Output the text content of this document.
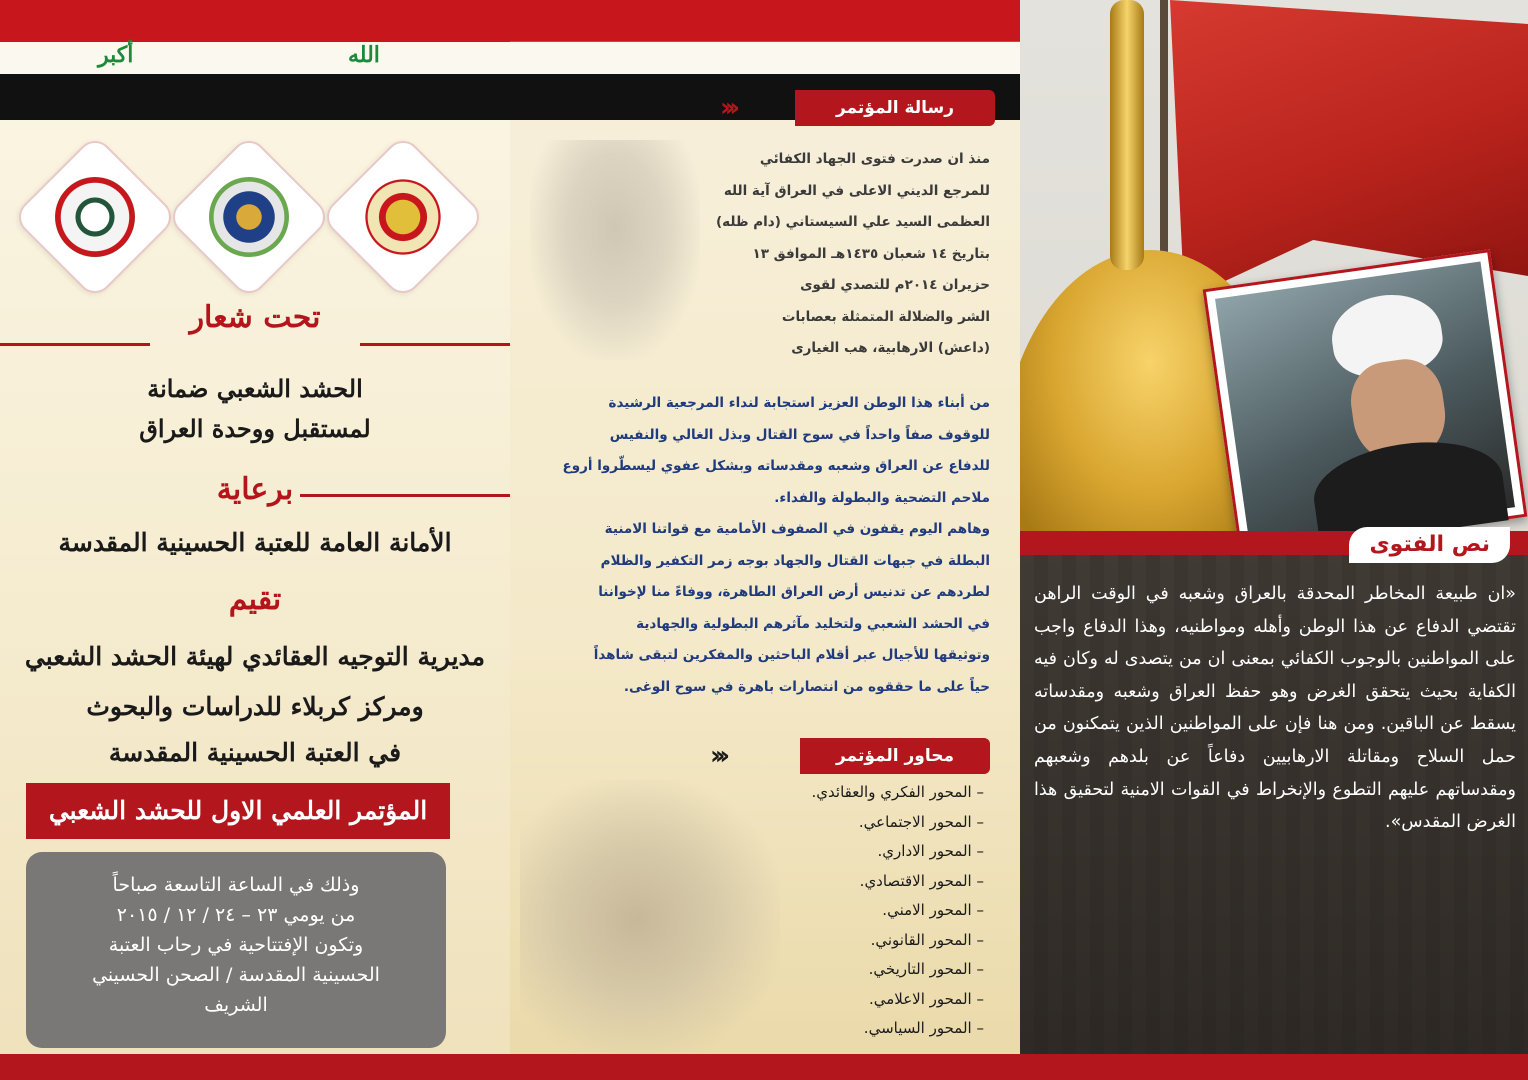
أكبر	الله
تحت شعار
الحشد الشعبي ضمانة
لمستقبل ووحدة العراق
برعاية
الأمانة العامة للعتبة الحسينية المقدسة
تقيم
مديرية التوجيه العقائدي لهيئة الحشد الشعبي
ومركز كربلاء للدراسات والبحوث
في العتبة الحسينية المقدسة
المؤتمر العلمي الاول للحشد الشعبي
وذلك في الساعة التاسعة صباحاً
من يومي ٢٣ – ٢٤ / ١٢ / ٢٠١٥
وتكون الإفتتاحية في رحاب العتبة
الحسينية المقدسة / الصحن الحسيني
الشريف
رسالة المؤتمر
‹‹‹
منذ ان صدرت فتوى الجهاد الكفائي
للمرجع الديني الاعلى في العراق آية الله
العظمى السيد علي السيستاني (دام ظله)
بتاريخ ١٤ شعبان ١٤٣٥هـ الموافق ١٣
حزيران ٢٠١٤م للتصدي لقوى
الشر والضلالة المتمثلة بعصابات
(داعش) الارهابية، هب الغيارى
من أبناء هذا الوطن العزيز استجابة لنداء المرجعية الرشيدة
للوقوف صفاً واحداً في سوح القتال وبذل الغالي والنفيس
للدفاع عن العراق وشعبه ومقدساته وبشكل عفوي ليسطّروا أروع
ملاحم التضحية والبطولة والفداء.
وهاهم اليوم يقفون في الصفوف الأمامية مع قواتنا الامنية
البطلة في جبهات القتال والجهاد بوجه زمر التكفير والظلام
لطردهم عن تدنيس أرض العراق الطاهرة، ووفاءً منا لإخواننا
في الحشد الشعبي ولتخليد مآثرهم البطولية والجهادية
وتوثيقها للأجيال عبر أقلام الباحثين والمفكرين لتبقى شاهداً
حياً على ما حققوه من انتصارات باهرة في سوح الوغى.
محاور المؤتمر
‹‹‹
– المحور الفكري والعقائدي.
– المحور الاجتماعي.
– المحور الاداري.
– المحور الاقتصادي.
– المحور الامني.
– المحور القانوني.
– المحور التاريخي.
– المحور الاعلامي.
– المحور السياسي.
نص الفتوى
«ان طبيعة المخاطر المحدقة بالعراق وشعبه في الوقت الراهن تقتضي الدفاع عن هذا الوطن وأهله ومواطنيه، وهذا الدفاع واجب على المواطنين بالوجوب الكفائي بمعنى ان من يتصدى له وكان فيه الكفاية بحيث يتحقق الغرض وهو حفظ العراق وشعبه ومقدساته يسقط عن الباقين. ومن هنا فإن على المواطنين الذين يتمكنون من حمل السلاح ومقاتلة الارهابيين دفاعاً عن بلدهم وشعبهم ومقدساتهم عليهم التطوع والإنخراط في القوات الامنية لتحقيق هذا الغرض المقدس».
